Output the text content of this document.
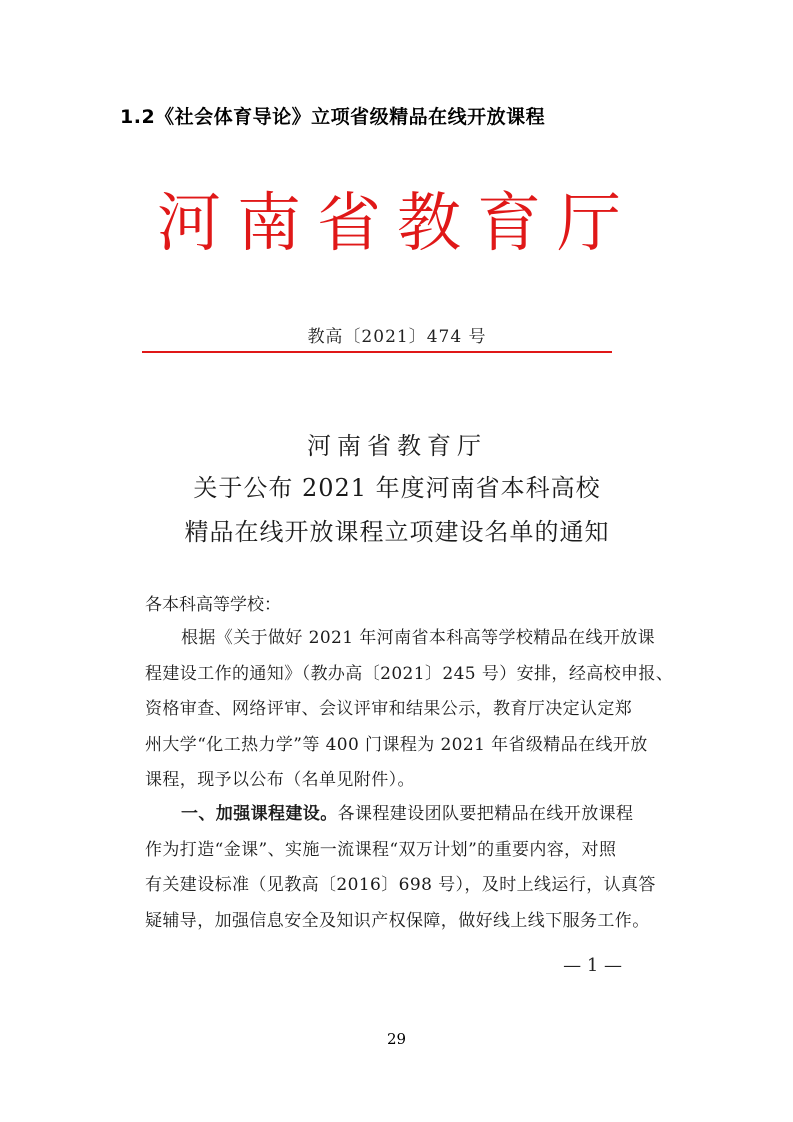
1.2《社会体育导论》立项省级精品在线开放课程
河南省教育厅
教高〔2021〕474 号
河南省教育厅
关于公布 2021 年度河南省本科高校
精品在线开放课程立项建设名单的通知
各本科高等学校：

根据《关于做好 2021 年河南省本科高等学校精品在线开放课

程建设工作的通知》（教办高〔2021〕245 号）安排，经高校申报、

资格审查、网络评审、会议评审和结果公示，教育厅决定认定郑

州大学“化工热力学”等 400 门课程为 2021 年省级精品在线开放

课程，现予以公布（名单见附件）。

一、加强课程建设。各课程建设团队要把精品在线开放课程

作为打造“金课”、实施一流课程“双万计划”的重要内容，对照

有关建设标准（见教高〔2016〕698 号），及时上线运行，认真答

疑辅导，加强信息安全及知识产权保障，做好线上线下服务工作。

— 1 —
29
